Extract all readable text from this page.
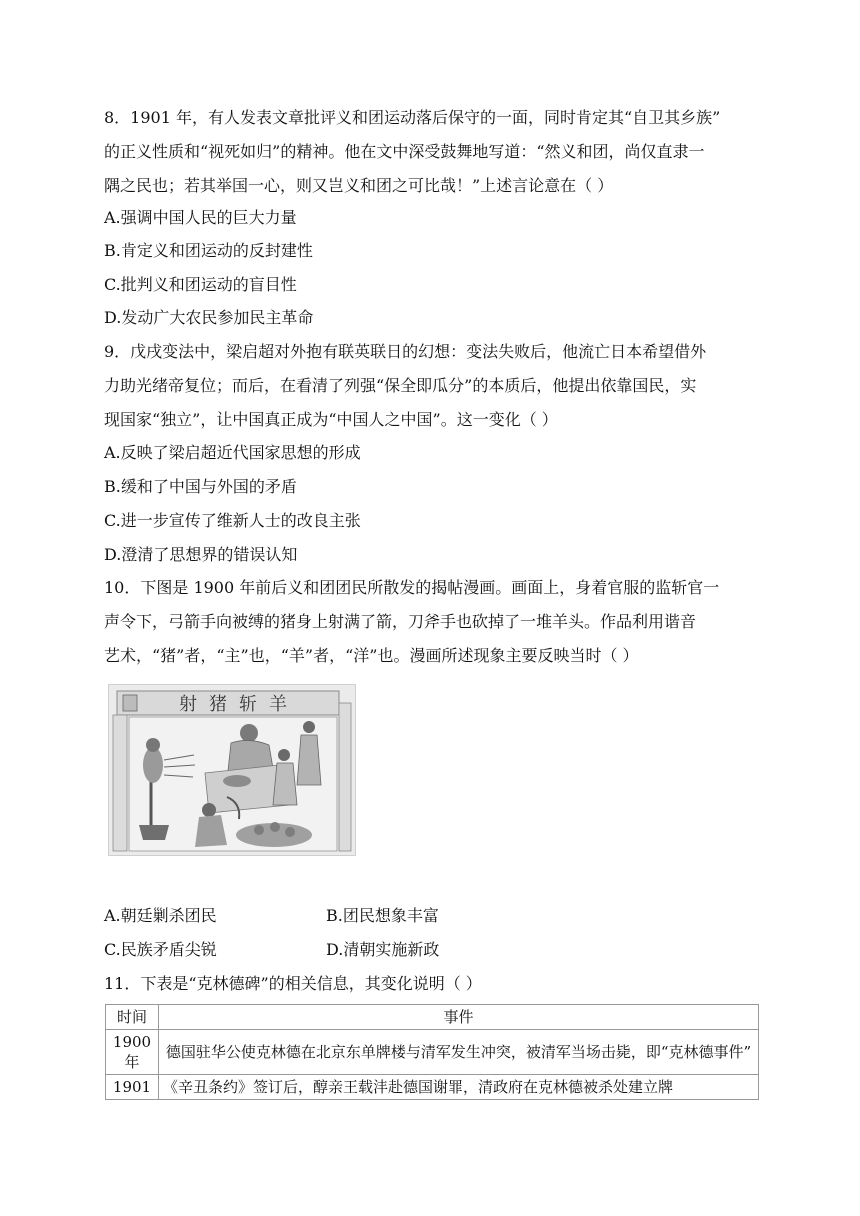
8．1901 年，有人发表文章批评义和团运动落后保守的一面，同时肯定其“自卫其乡族”
的正义性质和“视死如归”的精神。他在文中深受鼓舞地写道：“然义和团，尚仅直隶一
隅之民也；若其举国一心，则又岂义和团之可比哉！”上述言论意在（ ）
A.强调中国人民的巨大力量
B.肯定义和团运动的反封建性
C.批判义和团运动的盲目性
D.发动广大农民参加民主革命
9．戊戌变法中，梁启超对外抱有联英联日的幻想：变法失败后，他流亡日本希望借外
力助光绪帝复位；而后，在看清了列强“保全即瓜分”的本质后，他提出依靠国民，实
现国家“独立”，让中国真正成为“中国人之中国”。这一变化（ ）
A.反映了梁启超近代国家思想的形成
B.缓和了中国与外国的矛盾
C.进一步宣传了维新人士的改良主张
D.澄清了思想界的错误认知
10．下图是 1900 年前后义和团团民所散发的揭帖漫画。画面上，身着官服的监斩官一
声令下，弓箭手向被缚的猪身上射满了箭，刀斧手也砍掉了一堆羊头。作品利用谐音
艺术，“猪”者，“主”也，“羊”者，“洋”也。漫画所述现象主要反映当时（ ）
射猪斩羊
A.朝廷剿杀团民	B.团民想象丰富
C.民族矛盾尖锐	D.清朝实施新政
11．下表是“克林德碑”的相关信息，其变化说明（ ）
时间	事件
1900 年	德国驻华公使克林德在北京东单牌楼与清军发生冲突，被清军当场击毙，即“克林德事件”
1901	《辛丑条约》签订后，醇亲王载沣赴德国谢罪，清政府在克林德被杀处建立牌
